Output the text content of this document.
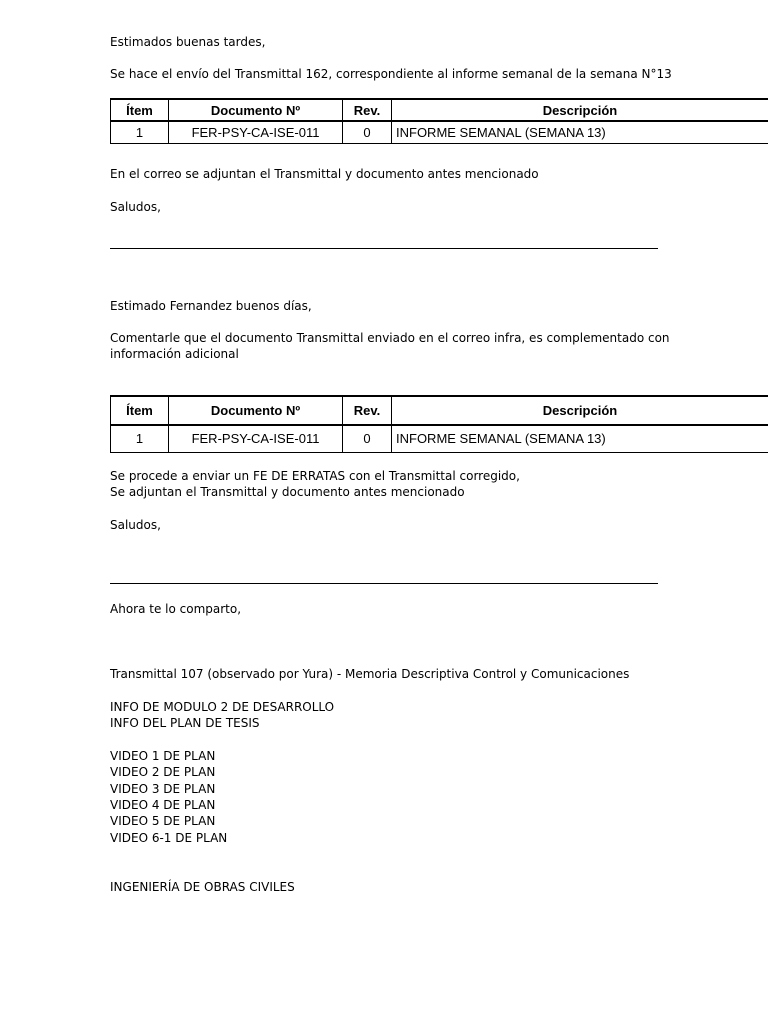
Estimados buenas tardes,
Se hace el envío del Transmittal 162, correspondiente al informe semanal de la semana N°13
Ítem	Documento Nº	Rev.	Descripción
1	FER-PSY-CA-ISE-011	0	INFORME SEMANAL (SEMANA 13)
En el correo se adjuntan el Transmittal y documento antes mencionado
Saludos,
Estimado Fernandez buenos días,
Comentarle que el documento Transmittal enviado en el correo infra, es complementado con
información adicional
Ítem	Documento Nº	Rev.	Descripción
1	FER-PSY-CA-ISE-011	0	INFORME SEMANAL (SEMANA 13)
Se procede a enviar un FE DE ERRATAS con el Transmittal corregido,
Se adjuntan el Transmittal y documento antes mencionado
Saludos,
Ahora te lo comparto,
Transmittal 107 (observado por Yura) - Memoria Descriptiva Control y Comunicaciones
INFO DE MODULO 2 DE DESARROLLO
INFO DEL PLAN DE TESIS
VIDEO 1 DE PLAN
VIDEO 2 DE PLAN
VIDEO 3 DE PLAN
VIDEO 4 DE PLAN
VIDEO 5 DE PLAN
VIDEO 6-1 DE PLAN
INGENIERÍA DE OBRAS CIVILES
